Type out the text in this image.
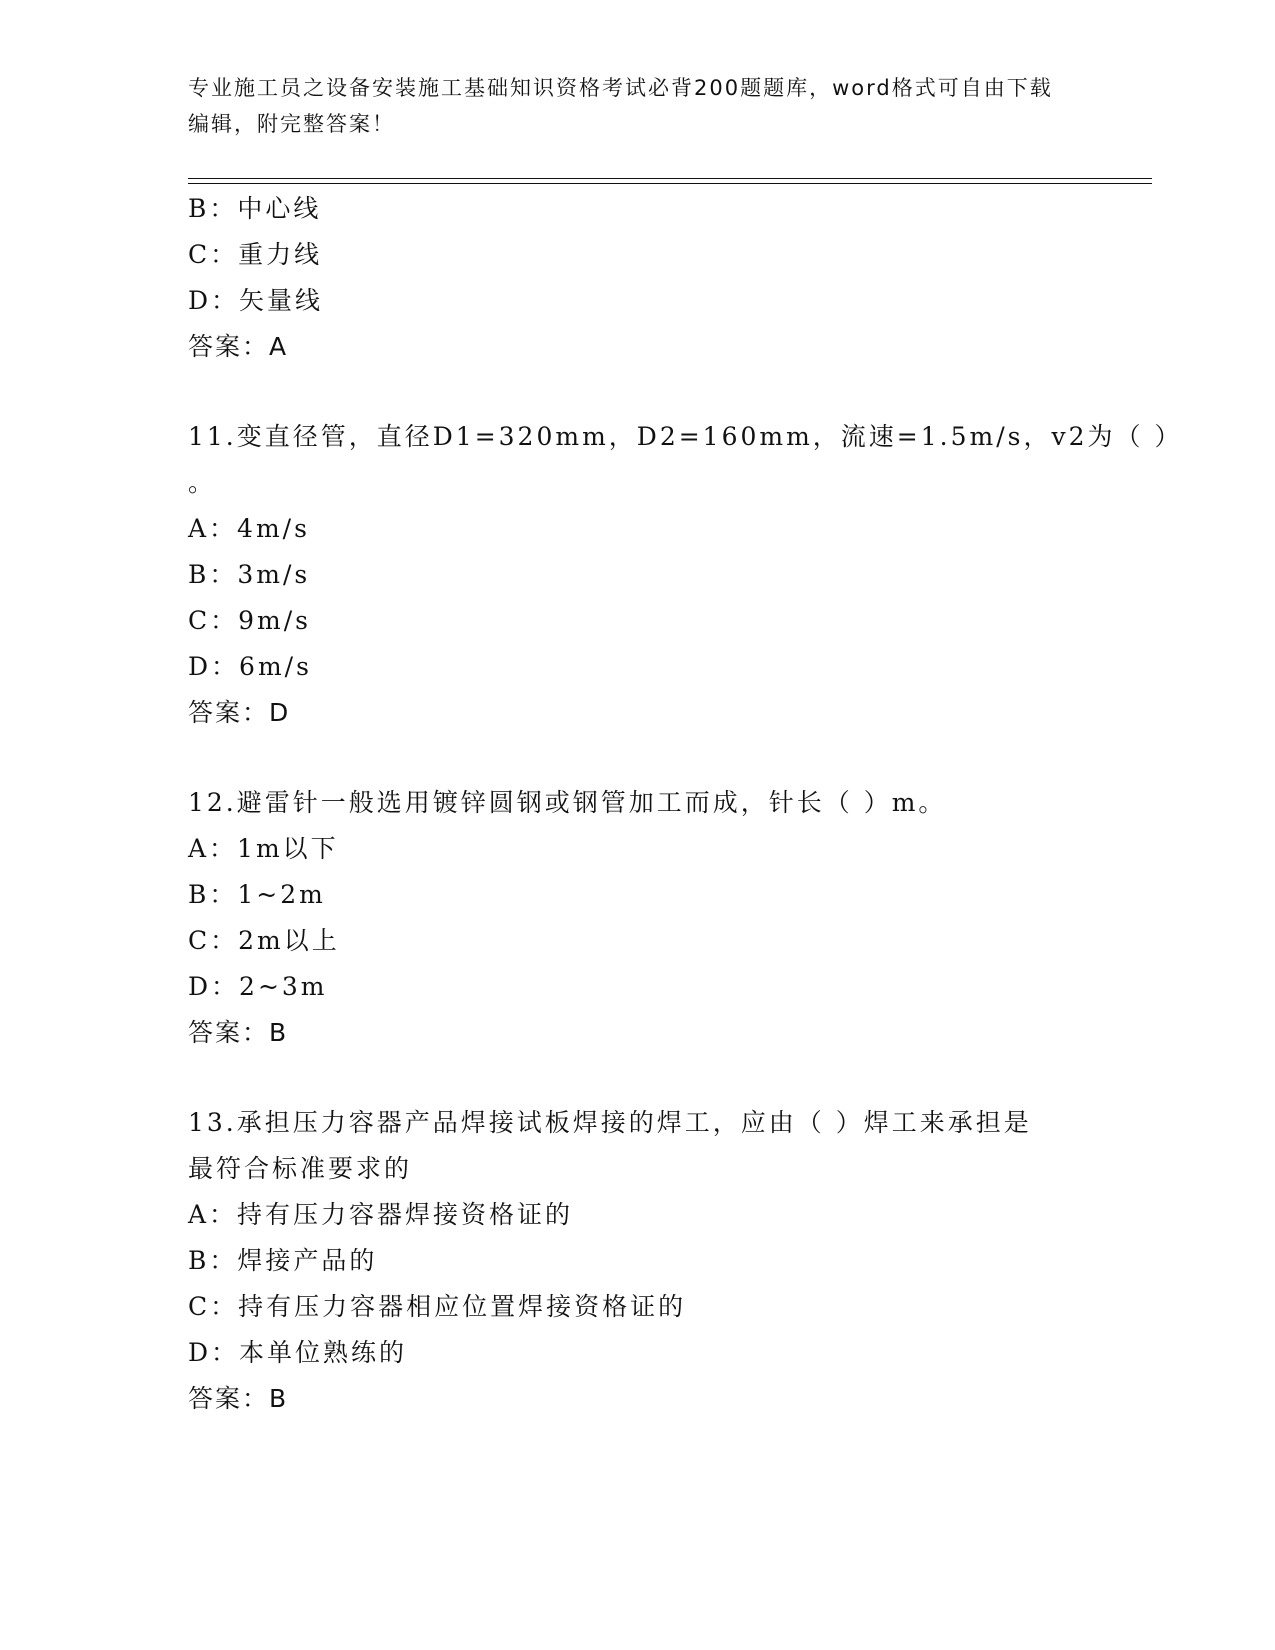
专业施工员之设备安装施工基础知识资格考试必背200题题库，word格式可自由下载编辑，附完整答案！
B：中心线
C：重力线
D：矢量线
答案：A
11.变直径管，直径D1=320mm，D2=160mm，流速=1.5m/s，v2为（ ）
。
A：4m/s
B：3m/s
C：9m/s
D：6m/s
答案：D
12.避雷针一般选用镀锌圆钢或钢管加工而成，针长（ ）m。
A：1m以下
B：1~2m
C：2m以上
D：2~3m
答案：B
13.承担压力容器产品焊接试板焊接的焊工，应由（ ）焊工来承担是最符合标准要求的
A：持有压力容器焊接资格证的
B：焊接产品的
C：持有压力容器相应位置焊接资格证的
D：本单位熟练的
答案：B
